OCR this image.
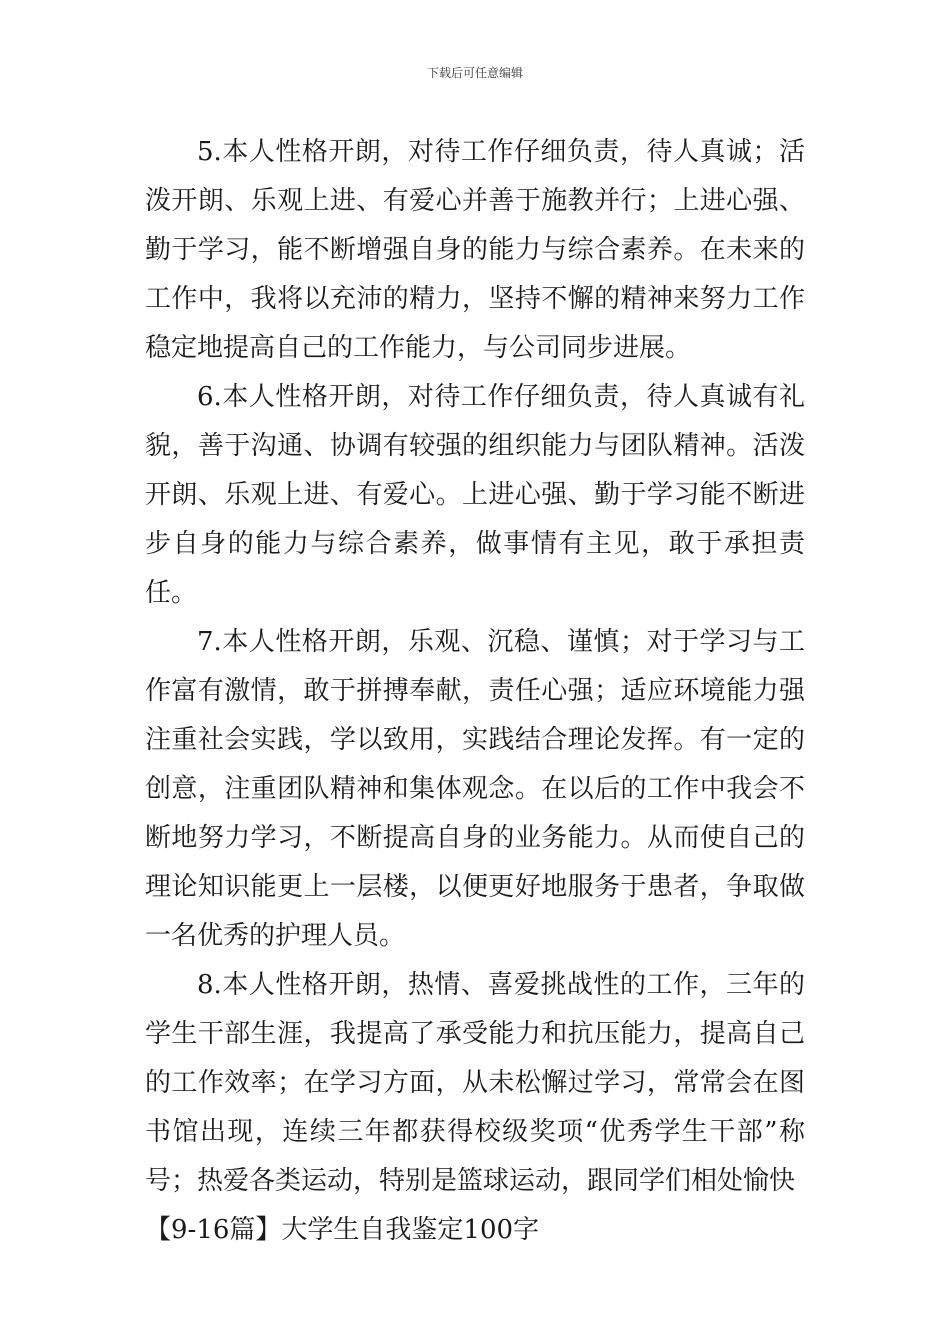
下载后可任意编辑

5.本人性格开朗，对待工作仔细负责，待人真诚；活泼开朗、乐观上进、有爱心并善于施教并行；上进心强、勤于学习，能不断增强自身的能力与综合素养。在未来的工作中，我将以充沛的精力，坚持不懈的精神来努力工作稳定地提高自己的工作能力，与公司同步进展。

6.本人性格开朗，对待工作仔细负责，待人真诚有礼貌，善于沟通、协调有较强的组织能力与团队精神。活泼开朗、乐观上进、有爱心。上进心强、勤于学习能不断进步自身的能力与综合素养，做事情有主见，敢于承担责任。

7.本人性格开朗，乐观、沉稳、谨慎；对于学习与工作富有激情，敢于拼搏奉献，责任心强；适应环境能力强注重社会实践，学以致用，实践结合理论发挥。有一定的创意，注重团队精神和集体观念。在以后的工作中我会不断地努力学习，不断提高自身的业务能力。从而使自己的理论知识能更上一层楼，以便更好地服务于患者，争取做一名优秀的护理人员。

8.本人性格开朗，热情、喜爱挑战性的工作，三年的学生干部生涯，我提高了承受能力和抗压能力，提高自己的工作效率；在学习方面，从未松懈过学习，常常会在图书馆出现，连续三年都获得校级奖项“优秀学生干部”称号；热爱各类运动，特别是篮球运动，跟同学们相处愉快

【9-16篇】大学生自我鉴定100字
